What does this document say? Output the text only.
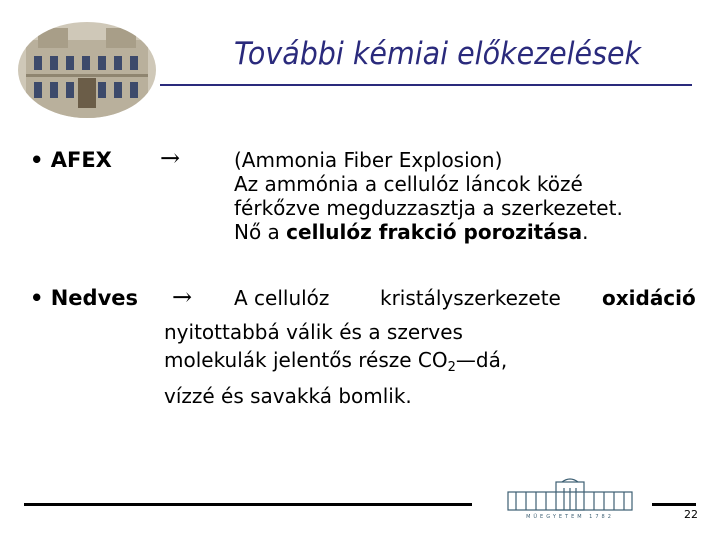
További kémiai előkezelések
• AFEX →	(Ammonia Fiber Explosion)
Az ammónia a cellulóz láncok közé
férkőzve megduzzasztja a szerkezetet.
Nő a cellulóz frakció porozitása.
• Nedves → A cellulóz	kristályszerkezete oxidáció
nyitottabbá válik és a szerves
molekulák jelentős része $CO_2—dá$,
vízzé és savakká bomlik.
MŰEGYETEM 1782	22
